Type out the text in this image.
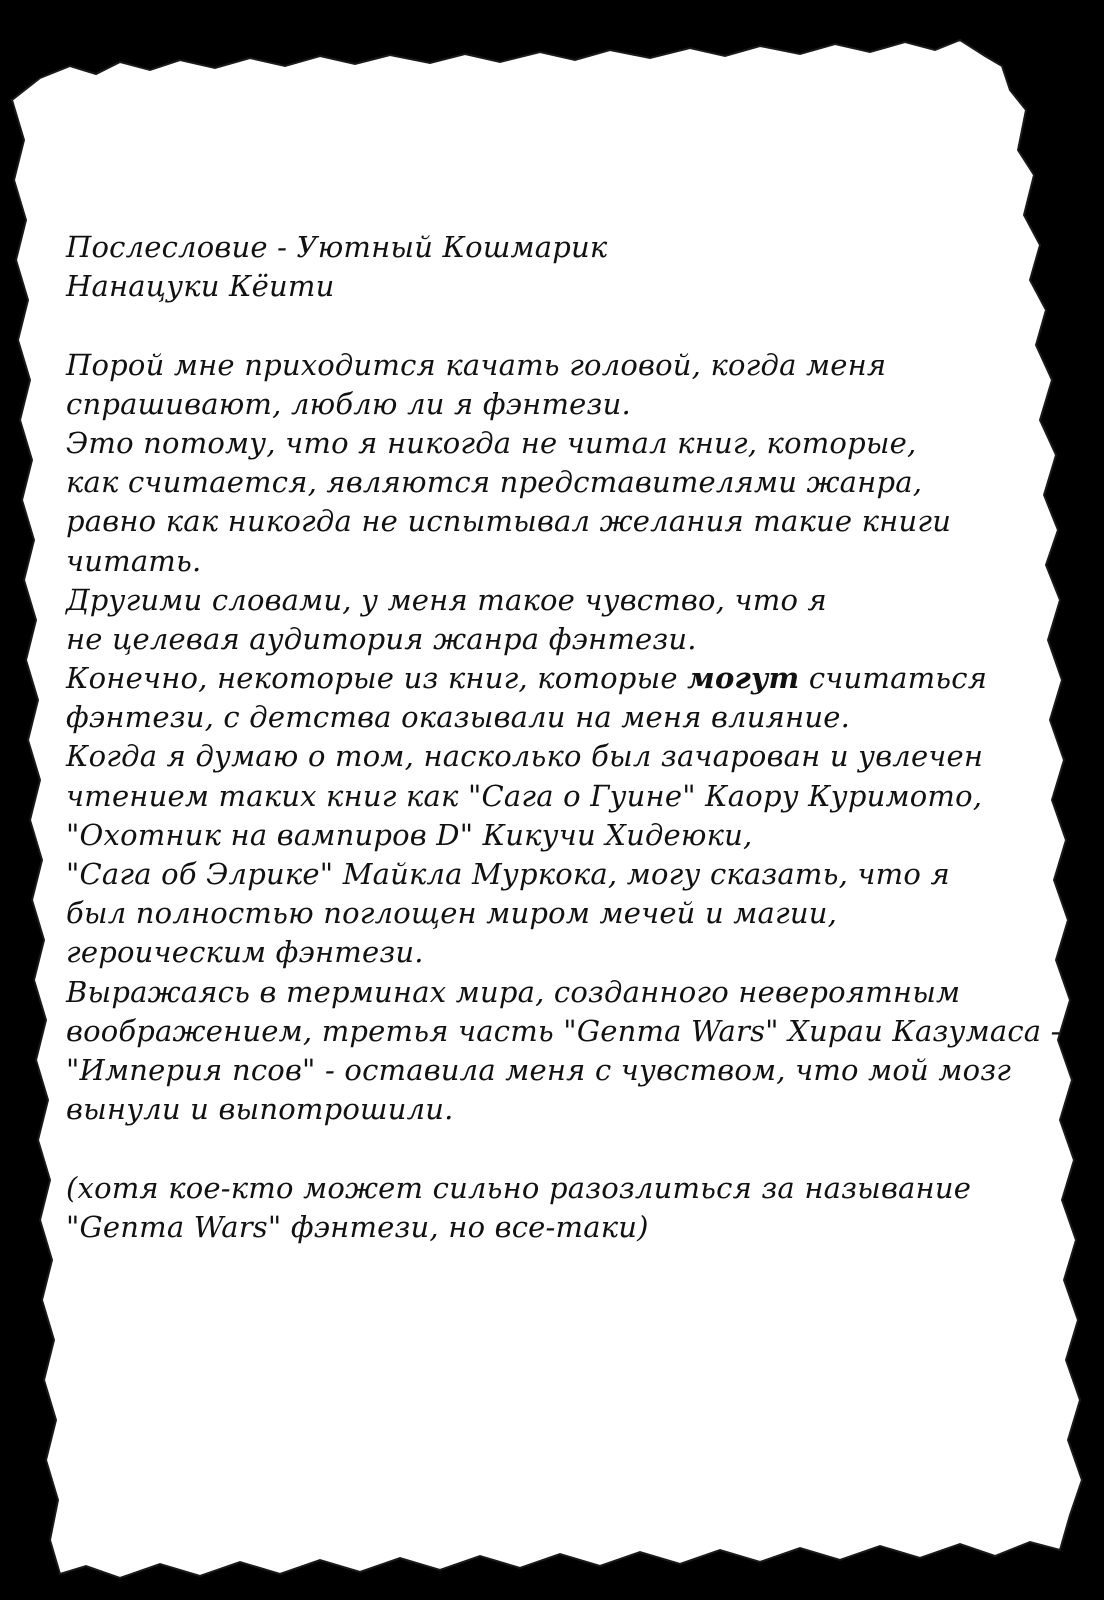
Послесловие - Уютный Кошмарик
Нанацуки Кёити
Порой мне приходится качать головой, когда меня
спрашивают, люблю ли я фэнтези.
Это потому, что я никогда не читал книг, которые,
как считается, являются представителями жанра,
равно как никогда не испытывал желания такие книги
читать.
Другими словами, у меня такое чувство, что я
не целевая аудитория жанра фэнтези.
Конечно, некоторые из книг, которые могут считаться
фэнтези, с детства оказывали на меня влияние.
Когда я думаю о том, насколько был зачарован и увлечен
чтением таких книг как "Сага о Гуине" Каору Куримото,
"Охотник на вампиров D" Кикучи Хидеюки,
"Сага об Элрике" Майкла Муркока, могу сказать, что я
был полностью поглощен миром мечей и магии,
героическим фэнтези.
Выражаясь в терминах мира, созданного невероятным
воображением, третья часть "Genma Wars" Хираи Казумаса -
"Империя псов" - оставила меня с чувством, что мой мозг
вынули и выпотрошили.
(хотя кое-кто может сильно разозлиться за называние
"Genma Wars" фэнтези, но все-таки)
